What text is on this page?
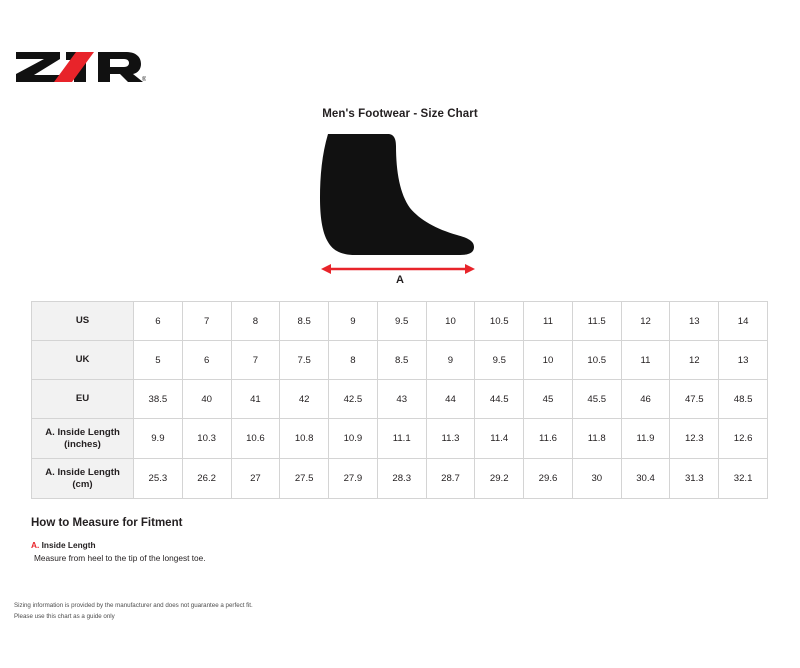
®
Men's Footwear - Size Chart
A
US	6	7	8	8.5	9	9.5	10	10.5	11	11.5	12	13	14
UK	5	6	7	7.5	8	8.5	9	9.5	10	10.5	11	12	13
EU	38.5	40	41	42	42.5	43	44	44.5	45	45.5	46	47.5	48.5

A. Inside Length
(inches)	9.9	10.3	10.6	10.8	10.9	11.1	11.3	11.4	11.6	11.8	11.9	12.3	12.6

A. Inside Length
(cm)	25.3	26.2	27	27.5	27.9	28.3	28.7	29.2	29.6	30	30.4	31.3	32.1
How to Measure for Fitment
A. Inside Length
Measure from heel to the tip of the longest toe.
Sizing information is provided by the manufacturer and does not guarantee a perfect fit.
Please use this chart as a guide only
